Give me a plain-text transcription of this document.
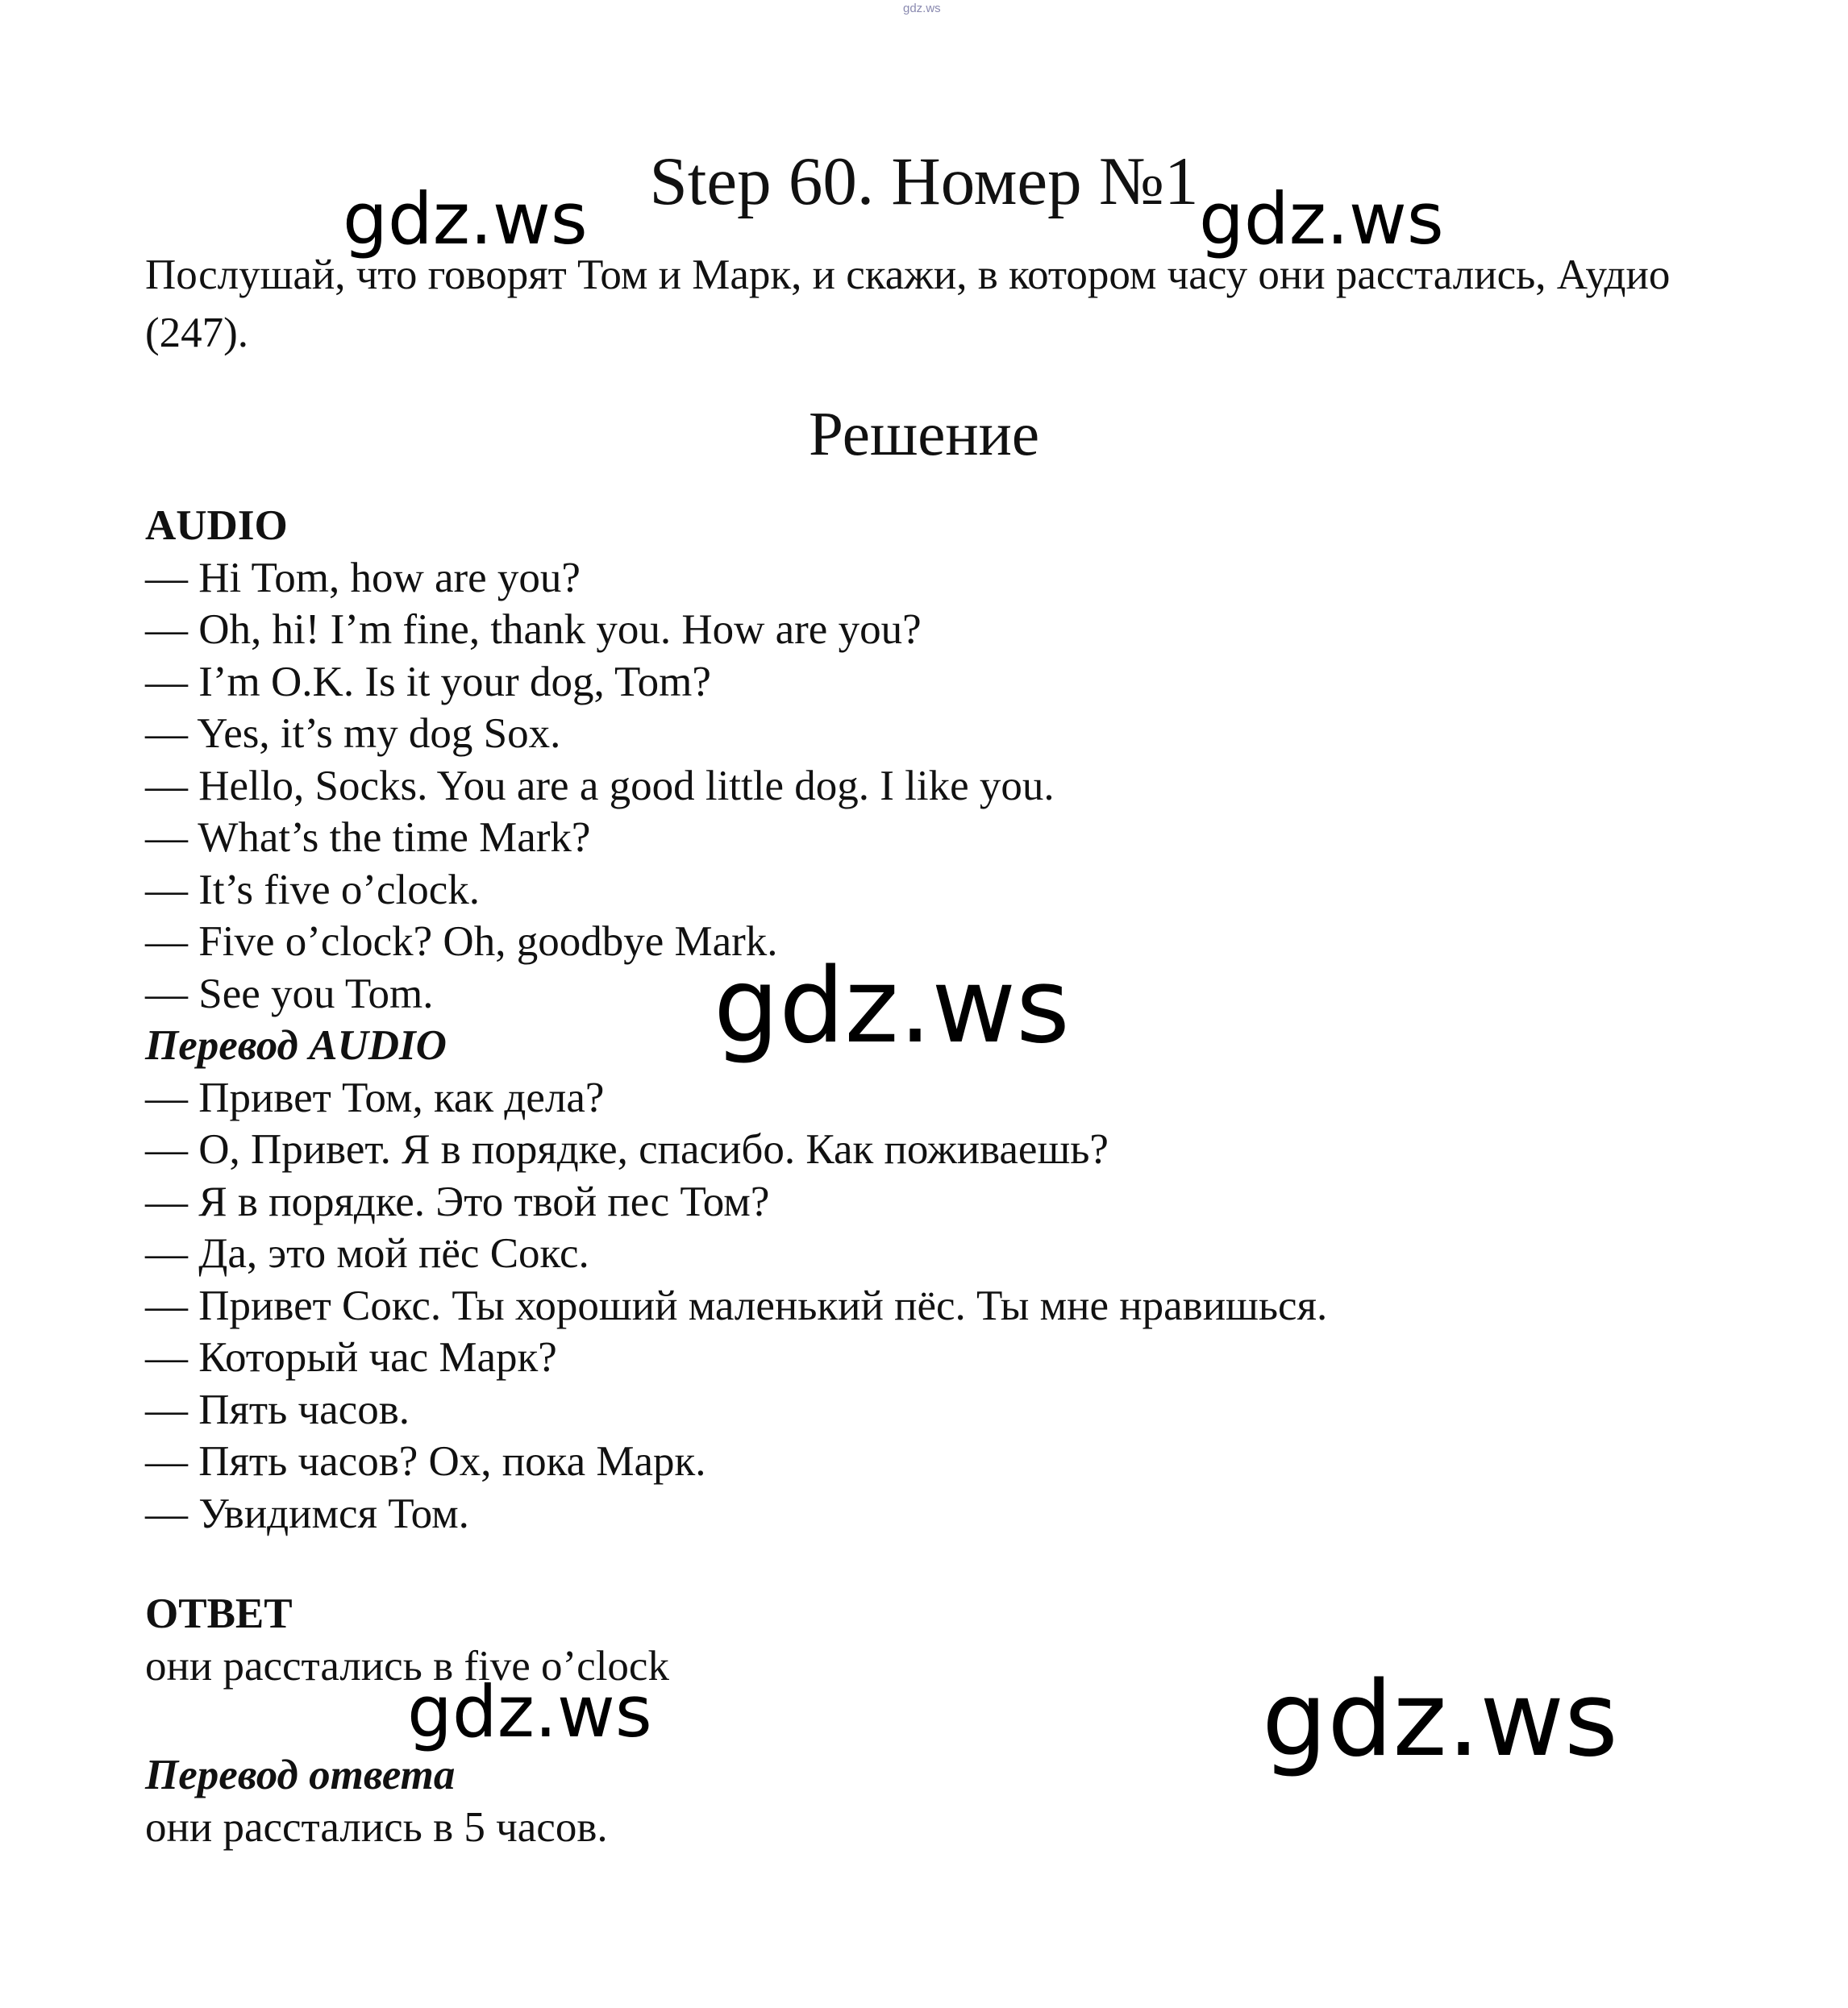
gdz.ws
Step 60. Номер №1
Послушай, что говорят Том и Марк, и скажи, в котором часу они расстались, Аудио (247).
Решение
AUDIO
— Hi Tom, how are you?
— Oh, hi! I’m fine, thank you. How are you?
— I’m O.K. Is it your dog, Tom?
— Yes, it’s my dog Sox.
— Hello, Socks. You are a good little dog. I like you.
— What’s the time Mark?
— It’s five o’clock.
— Five o’clock? Oh, goodbye Mark.
— See you Tom.
Перевод AUDIO
— Привет Том, как дела?
— О, Привет. Я в порядке, спасибо. Как поживаешь?
— Я в порядке. Это твой пес Том?
— Да, это мой пёс Сокс.
— Привет Сокс. Ты хороший маленький пёс. Ты мне нравишься.
— Который час Марк?
— Пять часов.
— Пять часов? Ох, пока Марк.
— Увидимся Том.
ОТВЕТ
они расстались в five o’clock
Перевод ответа
они расстались в 5 часов.
gdz.ws	gdz.ws
gdz.ws
gdz.ws	gdz.ws
